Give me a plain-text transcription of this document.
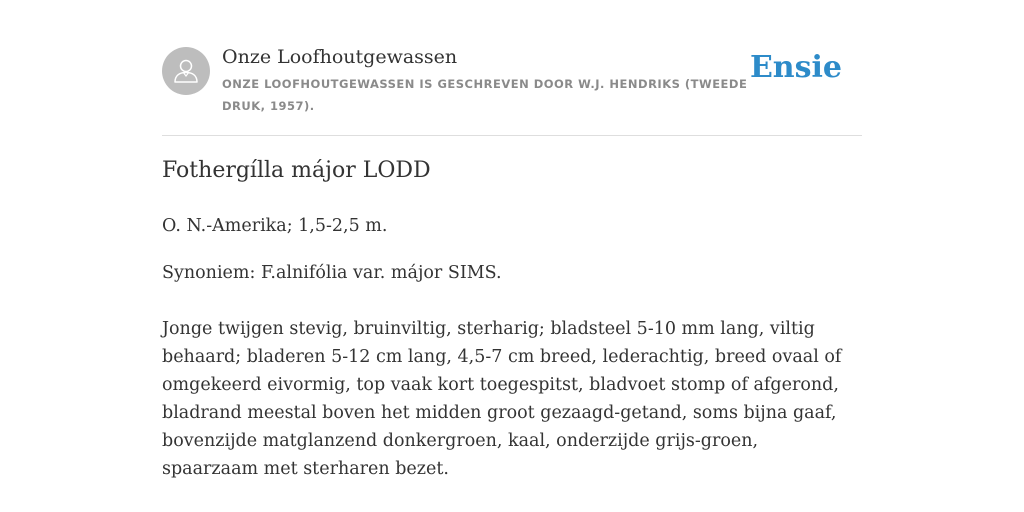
Onze Loofhoutgewassen
ONZE LOOFHOUTGEWASSEN IS GESCHREVEN DOOR W.J. HENDRIKS (TWEEDE DRUK, 1957).
Ensie
Fothergílla májor LODD

O. N.-Amerika; 1,5-2,5 m.

Synoniem: F.alnifólia var. májor SIMS.

Jonge twijgen stevig, bruinviltig, sterharig; bladsteel 5-10 mm lang, viltig behaard; bladeren 5-12 cm lang, 4,5-7 cm breed, lederachtig, breed ovaal of omgekeerd eivormig, top vaak kort toegespitst, bladvoet stomp of afgerond, bladrand meestal boven het midden groot gezaagd-getand, soms bijna gaaf, bovenzijde matglanzend donkergroen, kaal, onderzijde grijs-groen, spaarzaam met sterharen bezet.
